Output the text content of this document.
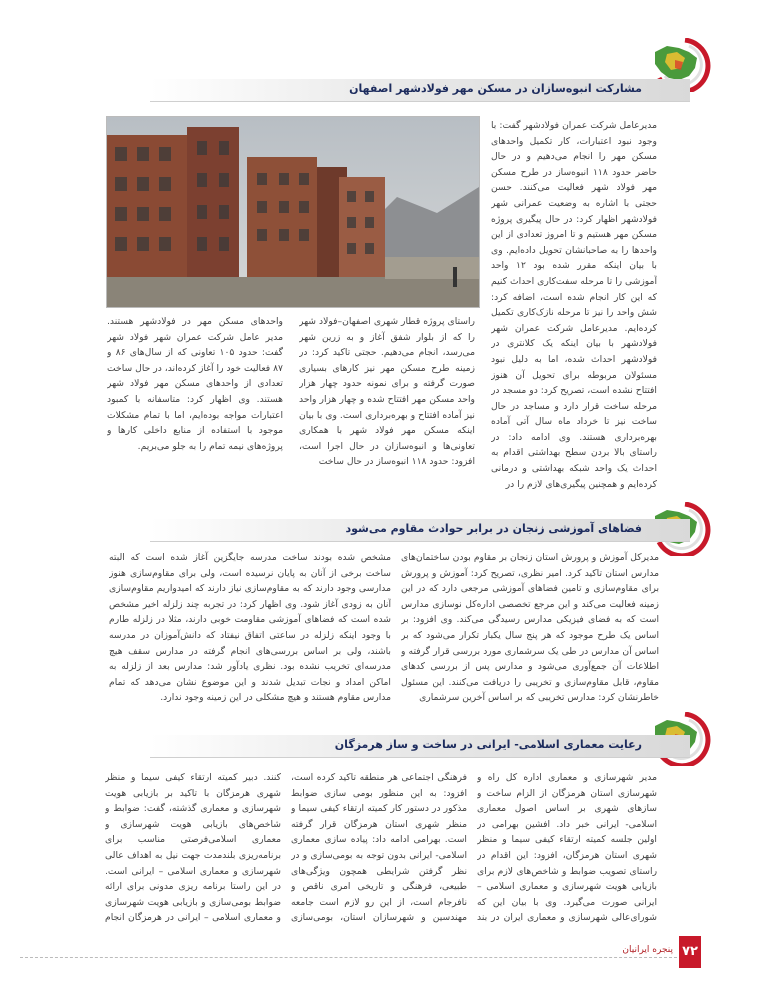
مشارکت انبوه‌سازان در مسکن مهر فولادشهر اصفهان

مدیرعامل شرکت عمران فولادشهر گفت: با وجود نبود اعتبارات، کار تکمیل واحدهای مسکن مهر را انجام می‌دهیم و در حال حاضر حدود ۱۱۸ انبوه‌ساز در طرح مسکن مهر فولاد شهر فعالیت می‌کنند. حسن حجتی با اشاره به وضعیت عمرانی شهر فولادشهر اظهار کرد: در حال پیگیری پروژه مسکن مهر هستیم و تا امروز تعدادی از این واحدها را به صاحبانشان تحویل داده‌ایم. وی با بیان اینکه مقرر شده بود ۱۲ واحد آموزشی را تا مرحله سفت‌کاری احداث کنیم که این کار انجام شده است، اضافه کرد: شش واحد را نیز تا مرحله نازک‌کاری تکمیل کرده‌ایم. مدیرعامل شرکت عمران شهر فولادشهر با بیان اینکه یک کلانتری در فولادشهر احداث شده، اما به دلیل نبود مسئولان مربوطه برای تحویل آن هنوز افتتاح نشده است، تصریح کرد: دو مسجد در مرحله ساخت قرار دارد و مساجد در حال ساخت نیز تا خرداد ماه سال آتی آماده بهره‌برداری هستند. وی ادامه داد: در راستای بالا بردن سطح بهداشتی اقدام به احداث یک واحد شبکه بهداشتی و درمانی کرده‌ایم و همچنین پیگیری‌های لازم را در

راستای پروژه قطار شهری اصفهان–فولاد شهر را که از بلوار شفق آغاز و به زرین شهر می‌رسد، انجام می‌دهیم. حجتی تاکید کرد: در زمینه طرح مسکن مهر نیز کارهای بسیاری صورت گرفته و برای نمونه حدود چهار هزار واحد مسکن مهر افتتاح شده و چهار هزار واحد نیز آماده افتتاح و بهره‌برداری است. وی با بیان اینکه مسکن مهر فولاد شهر با همکاری تعاونی‌ها و انبوه‌سازان در حال اجرا است، افزود: حدود ۱۱۸ انبوه‌ساز در حال ساخت

واحدهای مسکن مهر در فولادشهر هستند. مدیر عامل شرکت عمران شهر فولاد شهر گفت: حدود ۱۰۵ تعاونی که از سال‌های ۸۶ و ۸۷ فعالیت خود را آغاز کرده‌اند، در حال ساخت تعدادی از واحدهای مسکن مهر فولاد شهر هستند. وی اظهار کرد: متاسفانه با کمبود اعتبارات مواجه بوده‌ایم، اما با تمام مشکلات موجود با استفاده از منابع داخلی کارها و پروژه‌های نیمه تمام را به جلو می‌بریم.

فضاهای آموزشی زنجان در برابر حوادث مقاوم می‌شود

مدیرکل آموزش و پرورش استان زنجان بر مقاوم بودن ساختمان‌های مدارس استان تاکید کرد. امیر نظری، تصریح کرد: آموزش و پرورش برای مقاوم‌سازی و تامین فضاهای آموزشی مرجعی دارد که در این زمینه فعالیت می‌کند و این مرجع تخصصی اداره‌کل نوسازی مدارس است که به فضای فیزیکی مدارس رسیدگی می‌کند. وی افزود: بر اساس یک طرح موجود که هر پنج سال یکبار تکرار می‌شود که بر اساس آن مدارس در طی یک سرشماری مورد بررسی قرار گرفته و اطلاعات آن جمع‌آوری می‌شود و مدارس پس از بررسی کدهای مقاوم، قابل مقاوم‌سازی و تخریبی را دریافت می‌کنند. این مسئول خاطرنشان کرد: مدارس تخریبی که بر اساس آخرین سرشماری

مشخص شده بودند ساخت مدرسه جایگزین آغاز شده است که البته ساخت برخی از آنان به پایان نرسیده است، ولی برای مقاوم‌سازی هنوز مدارسی وجود دارند که به مقاوم‌سازی نیاز دارند که امیدواریم مقاوم‌سازی آنان به زودی آغاز شود. وی اظهار کرد: در تجربه چند زلزله اخیر مشخص شده است که فضاهای آموزشی مقاومت خوبی دارند، مثلا در زلزله طارم با وجود اینکه زلزله در ساعتی اتفاق نیفتاد که دانش‌آموزان در مدرسه باشند، ولی بر اساس بررسی‌های انجام گرفته در مدارس سقف هیچ مدرسه‌ای تخریب نشده بود. نظری یادآور شد: مدارس بعد از زلزله به اماکن امداد و نجات تبدیل شدند و این موضوع نشان می‌دهد که تمام مدارس مقاوم هستند و هیچ مشکلی در این زمینه وجود ندارد.

رعایت معماری اسلامی- ایرانی در ساخت و ساز هرمزگان

مدیر شهرسازی و معماری اداره کل راه و شهرسازی استان هرمزگان از الزام ساخت و سازهای شهری بر اساس اصول معماری اسلامی- ایرانی خبر داد. افشین بهرامی در اولین جلسه کمیته ارتقاء کیفی سیما و منظر شهری استان هرمزگان، افزود: این اقدام در راستای تصویب ضوابط و شاخص‌های لازم برای بازیابی هویت شهرسازی و معماری اسلامی – ایرانی صورت می‌گیرد. وی با بیان این که شورای‌عالی شهرسازی و معماری ایران در بند

فرهنگی اجتماعی هر منطقه تاکید کرده است، افزود: به این منظور بومی سازی ضوابط مذکور در دستور کار کمیته ارتقاء کیفی سیما و منظر شهری استان هرمزگان قرار گرفته است. بهرامی ادامه داد: پیاده سازی معماری اسلامی- ایرانی بدون توجه به بومی‌سازی و در نظر گرفتن شرایطی همچون ویژگی‌های طبیعی، فرهنگی و تاریخی امری ناقص و نافرجام است، از این رو لازم است جامعه مهندسین و شهرسازان استان، بومی‌سازی

کنند. دبیر کمیته ارتقاء کیفی سیما و منظر شهری هرمزگان با تاکید بر بازیابی هویت شهرسازی و معماری گذشته، گفت: ضوابط و شاخص‌های بازیابی هویت شهرسازی و معماری اسلامی‌فرصتی مناسب برای برنامه‌ریزی بلندمدت جهت نیل به اهداف عالی شهرسازی و معماری اسلامی – ایرانی است. در این راستا برنامه ریزی مدونی برای ارائه ضوابط بومی‌سازی و بازیابی هویت شهرسازی و معماری اسلامی – ایرانی در هرمزگان انجام

پنجره ایرانیان ۷۲
